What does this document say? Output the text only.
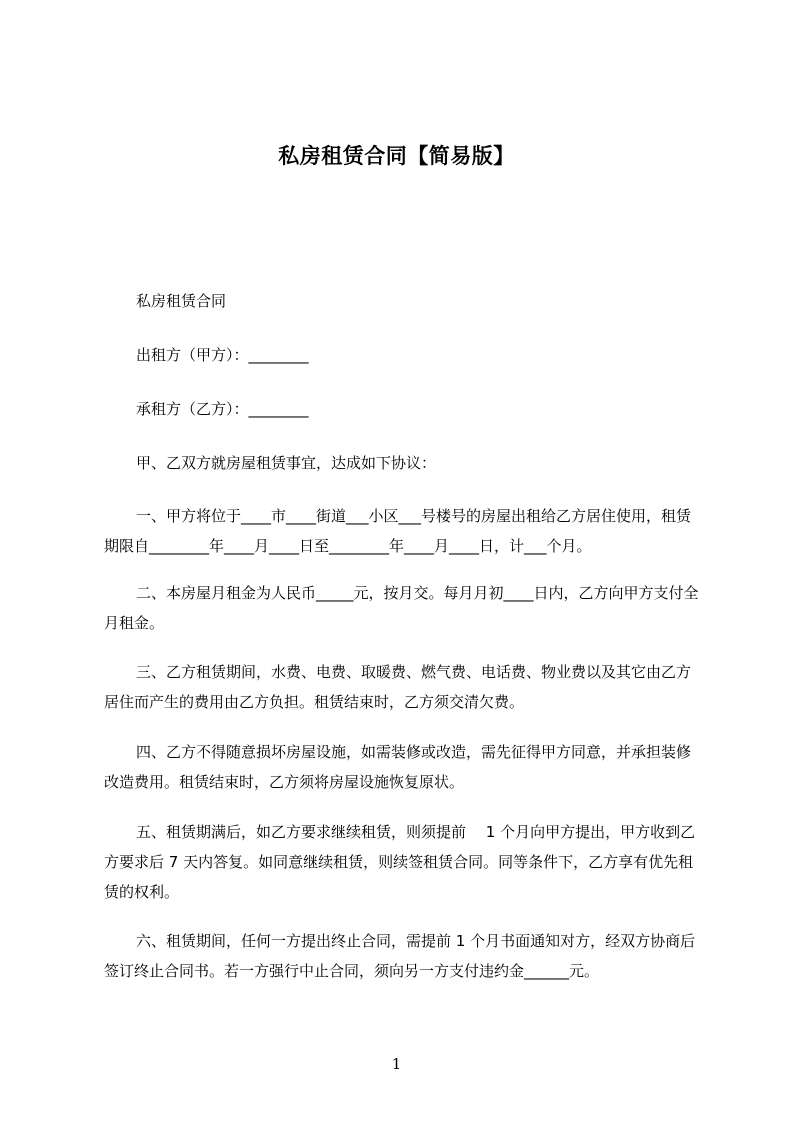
私房租赁合同【简易版】
私房租赁合同
出租方（甲方）：________
承租方（乙方）：________
甲、乙双方就房屋租赁事宜，达成如下协议：
一、甲方将位于____市____街道___小区___号楼号的房屋出租给乙方居住使用，租赁期限自________年____月____日至________年____月____日，计___个月。
二、本房屋月租金为人民币_____元，按月交。每月月初____日内，乙方向甲方支付全月租金。
三、乙方租赁期间，水费、电费、取暖费、燃气费、电话费、物业费以及其它由乙方居住而产生的费用由乙方负担。租赁结束时，乙方须交清欠费。
四、乙方不得随意损坏房屋设施，如需装修或改造，需先征得甲方同意，并承担装修改造费用。租赁结束时，乙方须将房屋设施恢复原状。
五、租赁期满后，如乙方要求继续租赁，则须提前　 1 个月向甲方提出，甲方收到乙方要求后 7 天内答复。如同意继续租赁，则续签租赁合同。同等条件下，乙方享有优先租赁的权利。
六、租赁期间，任何一方提出终止合同，需提前 1 个月书面通知对方，经双方协商后签订终止合同书。若一方强行中止合同，须向另一方支付违约金______元。
1
